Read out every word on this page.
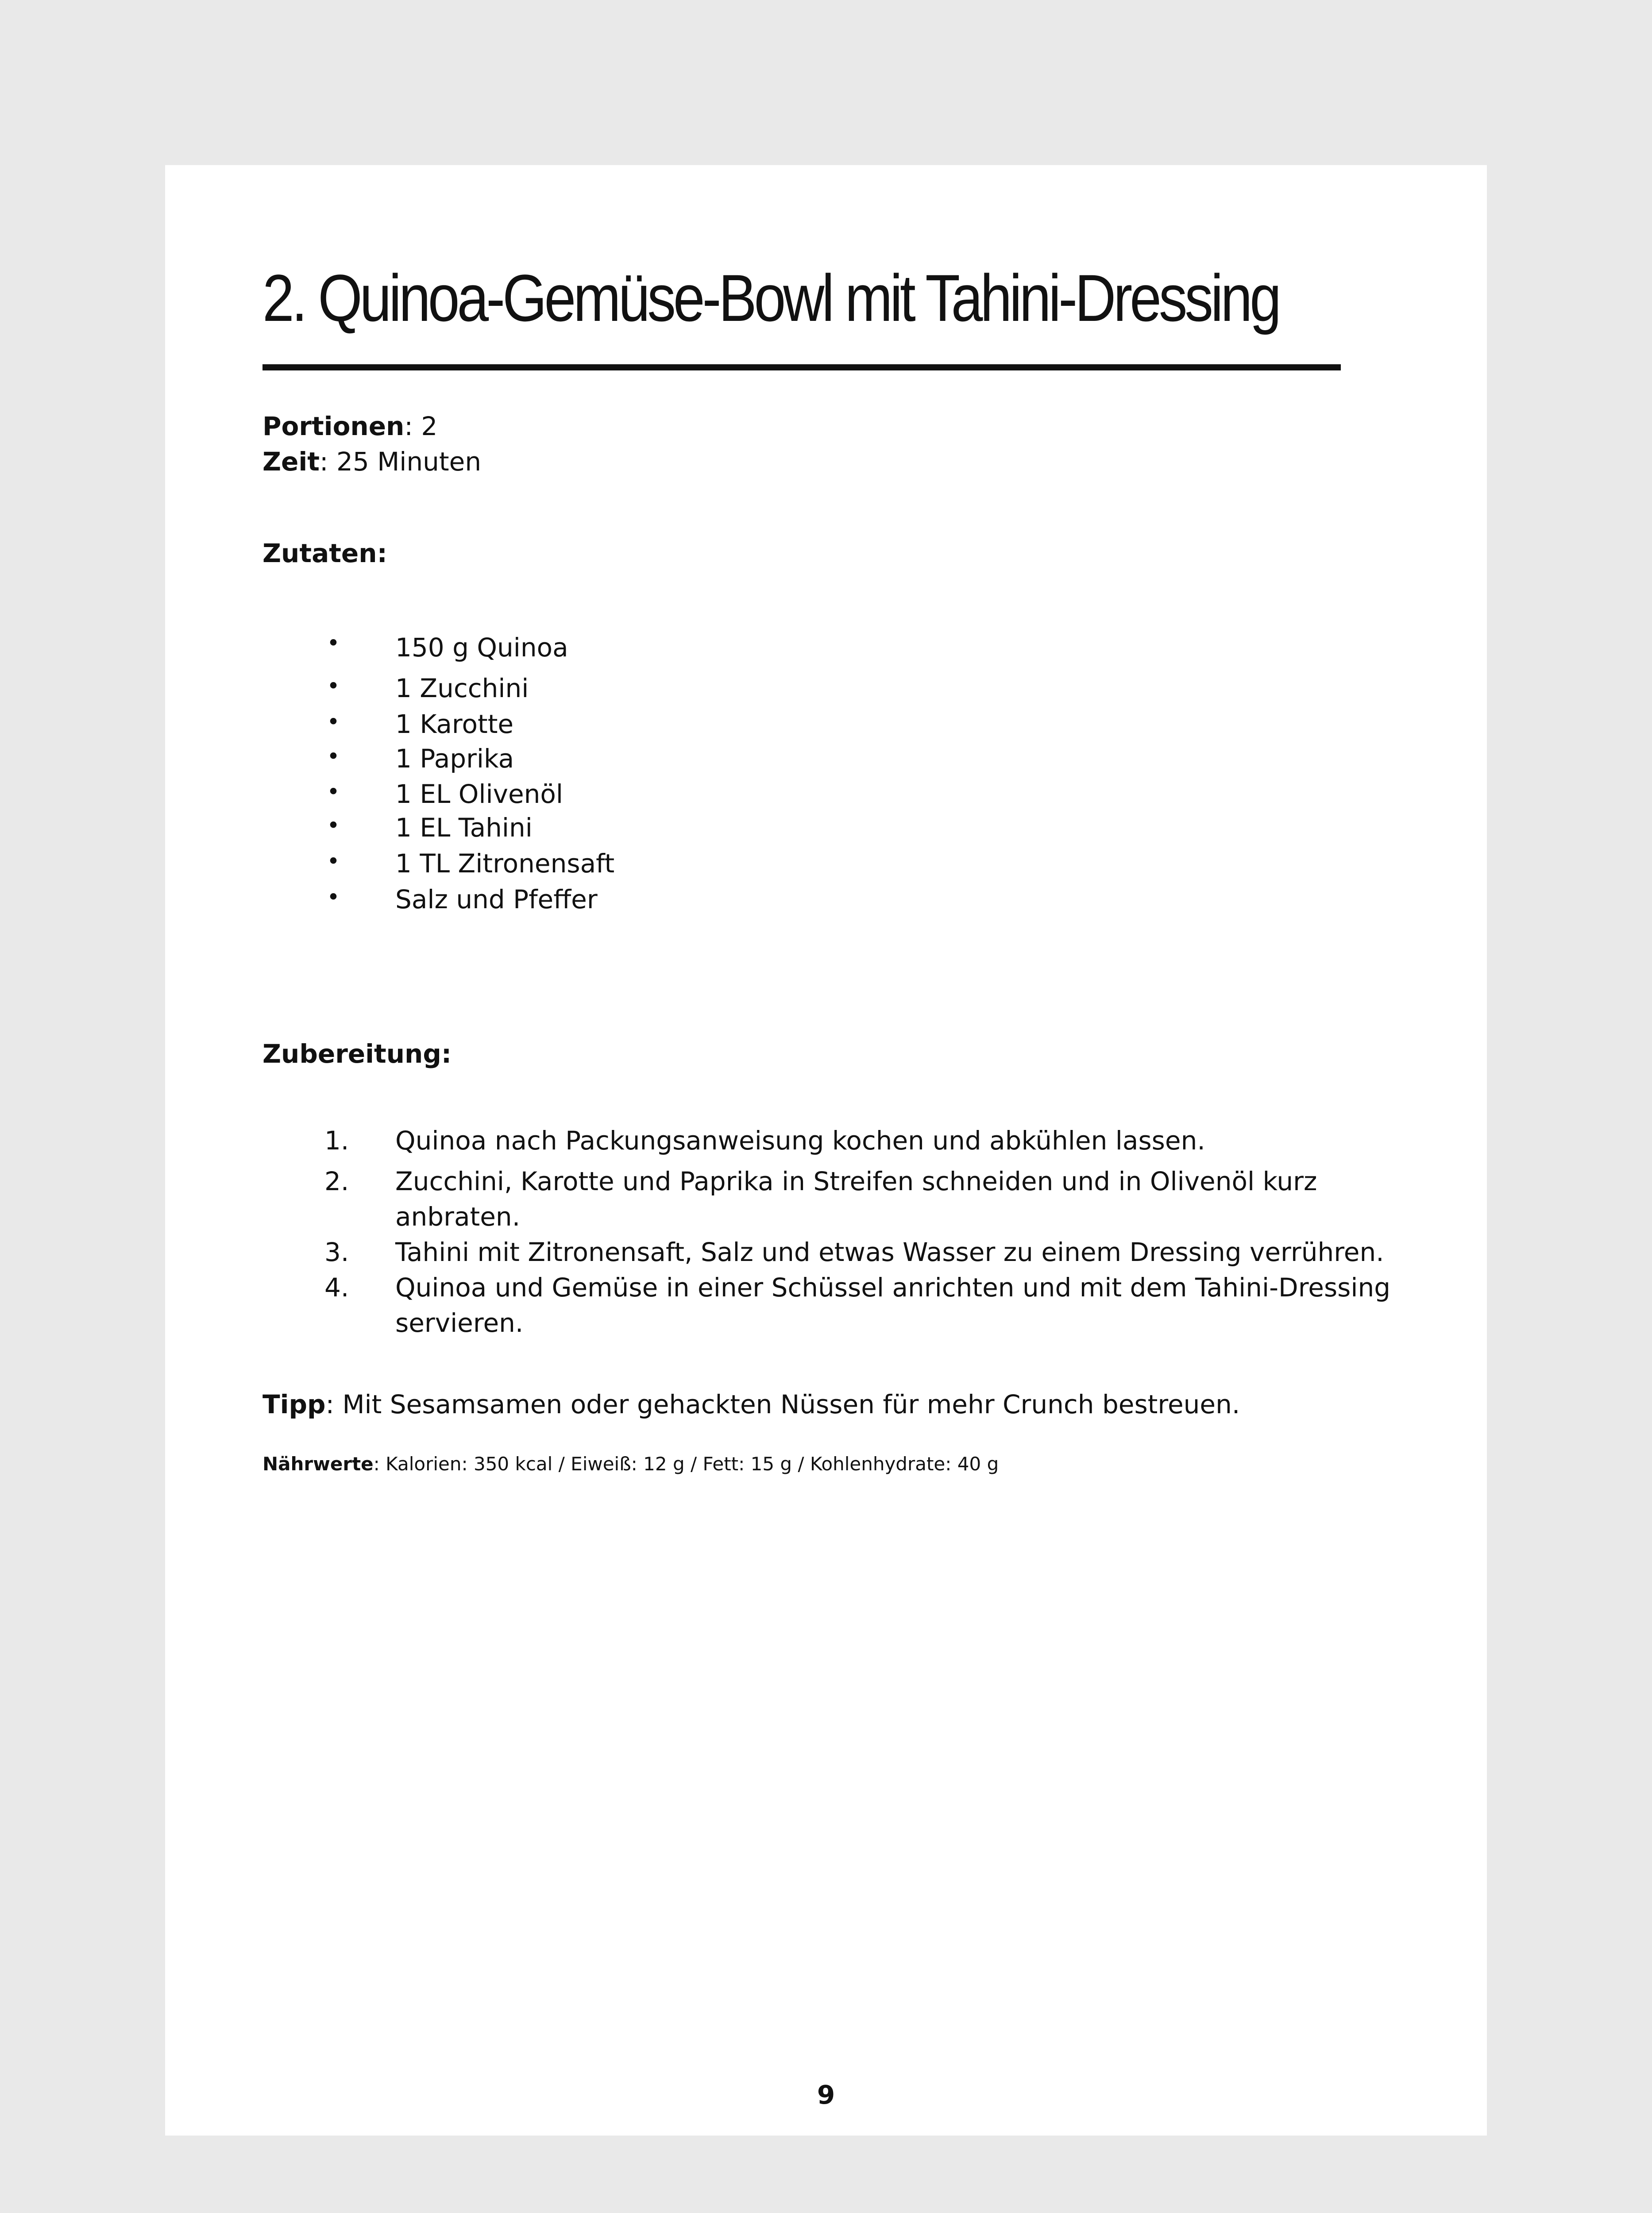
2. Quinoa-Gemüse-Bowl mit Tahini-Dressing
Portionen: 2
Zeit: 25 Minuten
Zutaten:
• 150 g Quinoa
• 1 Zucchini
• 1 Karotte
• 1 Paprika
• 1 EL Olivenöl
• 1 EL Tahini
• 1 TL Zitronensaft
• Salz und Pfeffer
Zubereitung:
1. Quinoa nach Packungsanweisung kochen und abkühlen lassen.
2. Zucchini, Karotte und Paprika in Streifen schneiden und in Olivenöl kurz anbraten.
3. Tahini mit Zitronensaft, Salz und etwas Wasser zu einem Dressing verrühren.
4. Quinoa und Gemüse in einer Schüssel anrichten und mit dem Tahini-Dressing servieren.
Tipp: Mit Sesamsamen oder gehackten Nüssen für mehr Crunch bestreuen.
Nährwerte: Kalorien: 350 kcal / Eiweiß: 12 g / Fett: 15 g / Kohlenhydrate: 40 g
9
